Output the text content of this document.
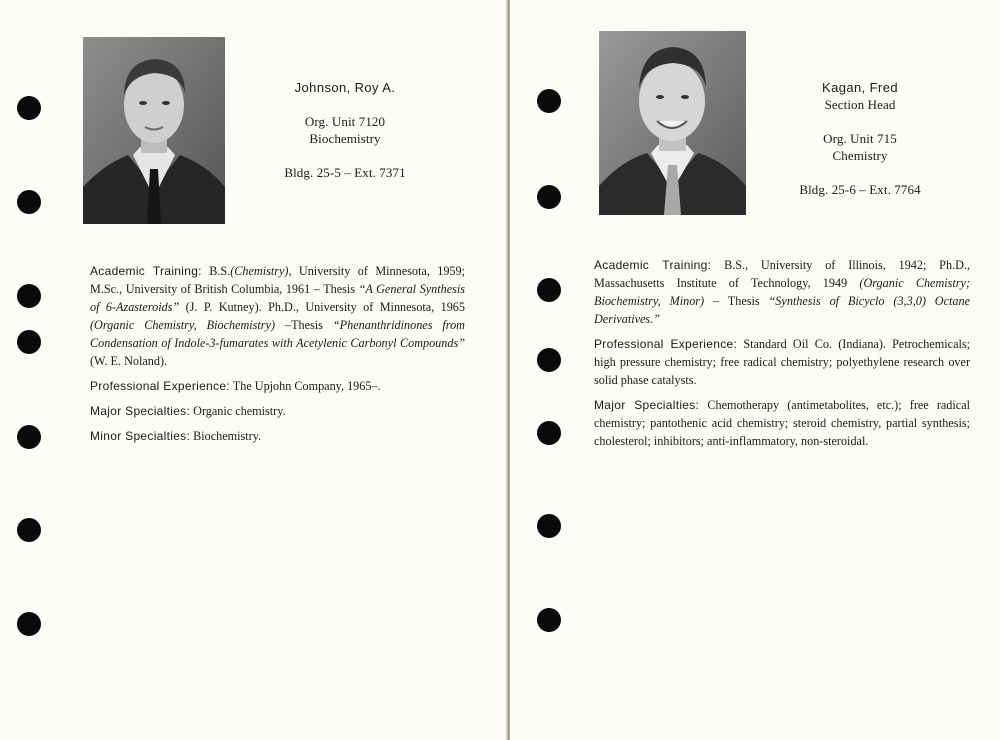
Johnson, Roy A.
Org. Unit 7120
Biochemistry
Bldg. 25-5 – Ext. 7371

Academic Training: B.S.(Chemistry), University of Minnesota, 1959; M.Sc., University of British Columbia, 1961 – Thesis “A General Synthesis of 6-Azasteroids” (J. P. Kutney). Ph.D., University of Minnesota, 1965 (Organic Chemistry, Biochemistry) –Thesis “Phenanthridinones from Condensation of Indole-3-fumarates with Acetylenic Carbonyl Compounds” (W. E. Noland).

Professional Experience: The Upjohn Company, 1965–.

Major Specialties: Organic chemistry.

Minor Specialties: Biochemistry.

Kagan, Fred
Section Head
Org. Unit 715
Chemistry
Bldg. 25-6 – Ext. 7764

Academic Training: B.S., University of Illinois, 1942; Ph.D., Massachusetts Institute of Technology, 1949 (Organic Chemistry; Biochemistry, Minor) – Thesis “Synthesis of Bicyclo (3,3,0) Octane Derivatives.”

Professional Experience: Standard Oil Co. (Indiana). Petrochemicals; high pressure chemistry; free radical chemistry; polyethylene research over solid phase catalysts.

Major Specialties: Chemotherapy (antimetabolites, etc.); free radical chemistry; pantothenic acid chemistry; steroid chemistry, partial synthesis; cholesterol; inhibitors; anti-inflammatory, non-steroidal.
